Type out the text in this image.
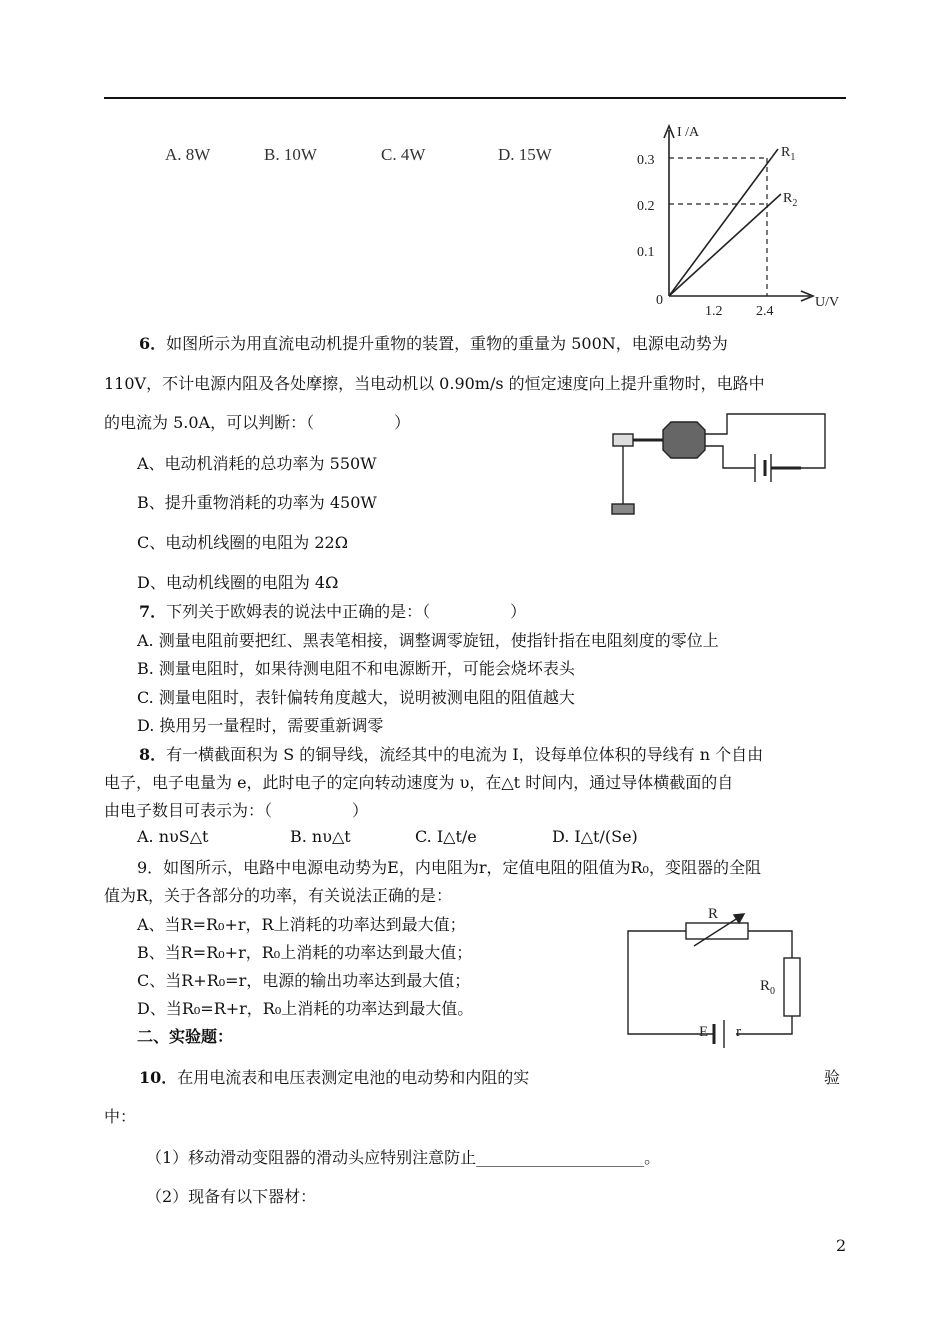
A. 8W	B. 10W	C. 4W	D. 15W
I /A
U/V
0.3
0.2
0.1
0
1.2 2.4
$R_1$
$R_2$
6．如图所示为用直流电动机提升重物的装置，重物的重量为 500N，电源电动势为
110V，不计电源内阻及各处摩擦，当电动机以 0.90m/s 的恒定速度向上提升重物时，电路中
的电流为 5.0A，可以判断：（　　　　　）
A、电动机消耗的总功率为 550W
B、提升重物消耗的功率为 450W
C、电动机线圈的电阻为 22Ω
D、电动机线圈的电阻为 4Ω
7．下列关于欧姆表的说法中正确的是：（　　　　　）
A. 测量电阻前要把红、黑表笔相接，调整调零旋钮，使指针指在电阻刻度的零位上
B. 测量电阻时，如果待测电阻不和电源断开，可能会烧坏表头
C. 测量电阻时，表针偏转角度越大，说明被测电阻的阻值越大
D. 换用另一量程时，需要重新调零
8．有一横截面积为 S 的铜导线，流经其中的电流为 I，设每单位体积的导线有 n 个自由
电子，电子电量为 e，此时电子的定向转动速度为 υ，在△t 时间内，通过导体横截面的自
由电子数目可表示为：（　　　　　）
A. nυS△t	B. nυ△t	C. I△t/e	D. I△t/(Se)
9．如图所示，电路中电源电动势为E，内电阻为r，定值电阻的阻值为R₀，变阻器的全阻
值为R，关于各部分的功率，有关说法正确的是：
A、当R=R₀+r，R上消耗的功率达到最大值；
B、当R=R₀+r，R₀上消耗的功率达到最大值；
C、当R+R₀=r，电源的输出功率达到最大值；
D、当R₀=R+r，R₀上消耗的功率达到最大值。
R
$R_0$
E r
二、实验题：
10．在用电流表和电压表测定电池的电动势和内阻的实	验
中：
（1）移动滑动变阻器的滑动头应特别注意防止_____________________。
（2）现备有以下器材：
2
